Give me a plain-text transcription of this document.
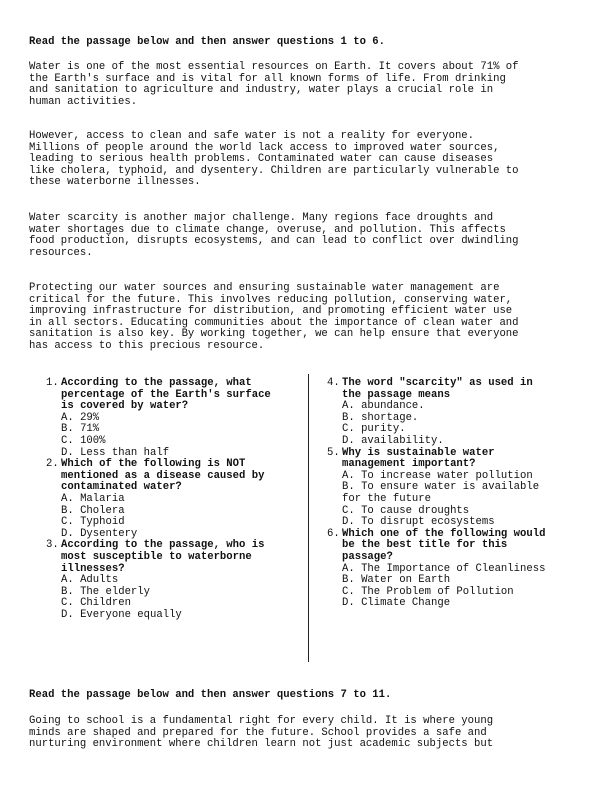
Read the passage below and then answer questions 1 to 6.

Water is one of the most essential resources on Earth. It covers about 71% of
the Earth's surface and is vital for all known forms of life. From drinking
and sanitation to agriculture and industry, water plays a crucial role in
human activities.

However, access to clean and safe water is not a reality for everyone.
Millions of people around the world lack access to improved water sources,
leading to serious health problems. Contaminated water can cause diseases
like cholera, typhoid, and dysentery. Children are particularly vulnerable to
these waterborne illnesses.

Water scarcity is another major challenge. Many regions face droughts and
water shortages due to climate change, overuse, and pollution. This affects
food production, disrupts ecosystems, and can lead to conflict over dwindling
resources.

Protecting our water sources and ensuring sustainable water management are
critical for the future. This involves reducing pollution, conserving water,
improving infrastructure for distribution, and promoting efficient water use
in all sectors. Educating communities about the importance of clean water and
sanitation is also key. By working together, we can help ensure that everyone
has access to this precious resource.

1. According to the passage, what
percentage of the Earth's surface
is covered by water?
A. 29%
B. 71%
C. 100%
D. Less than half
2. Which of the following is NOT
mentioned as a disease caused by
contaminated water?
A. Malaria
B. Cholera
C. Typhoid
D. Dysentery
3. According to the passage, who is
most susceptible to waterborne
illnesses?
A. Adults
B. The elderly
C. Children
D. Everyone equally
4. The word "scarcity" as used in
the passage means
A. abundance.
B. shortage.
C. purity.
D. availability.
5. Why is sustainable water
management important?
A. To increase water pollution
B. To ensure water is available
for the future
C. To cause droughts
D. To disrupt ecosystems
6. Which one of the following would
be the best title for this
passage?
A. The Importance of Cleanliness
B. Water on Earth
C. The Problem of Pollution
D. Climate Change
Read the passage below and then answer questions 7 to 11.

Going to school is a fundamental right for every child. It is where young
minds are shaped and prepared for the future. School provides a safe and
nurturing environment where children learn not just academic subjects but
